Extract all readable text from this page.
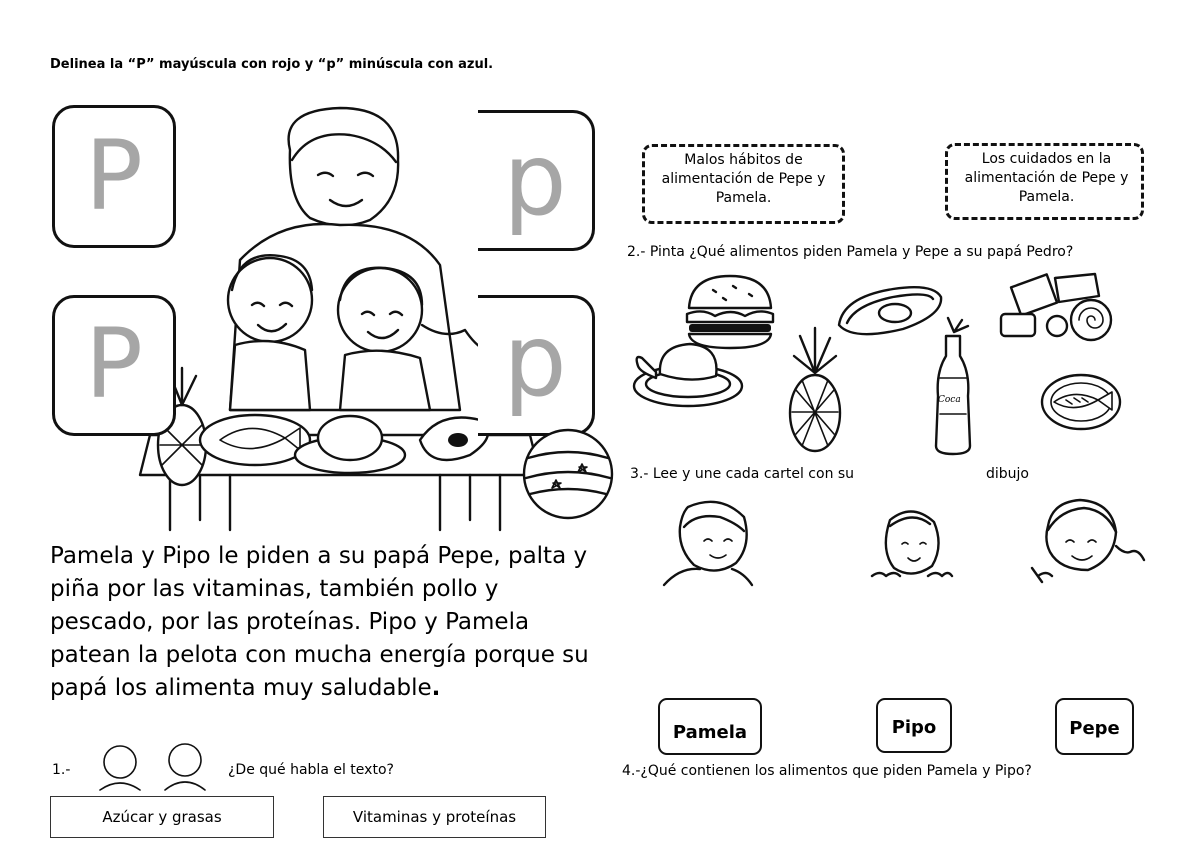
Delinea la “P” mayúscula con rojo y “p” minúscula con azul.
P	p
P	p
Pamela y Pipo le piden a su papá Pepe, palta y piña por las vitaminas, también pollo y pescado, por las proteínas. Pipo y Pamela patean la pelota con mucha energía porque su papá los alimenta muy saludable.
1.-	¿De qué habla el texto?
Azúcar y grasas	Vitaminas y proteínas
Malos hábitos de alimentación de Pepe y Pamela.
Los cuidados en la alimentación de Pepe y Pamela.
2.- Pinta ¿Qué alimentos piden Pamela y Pepe a su papá Pedro?
Coca
3.- Lee y une cada cartel con su	dibujo
Pamela	Pipo	Pepe
4.-¿Qué contienen los alimentos que piden Pamela y Pipo?
